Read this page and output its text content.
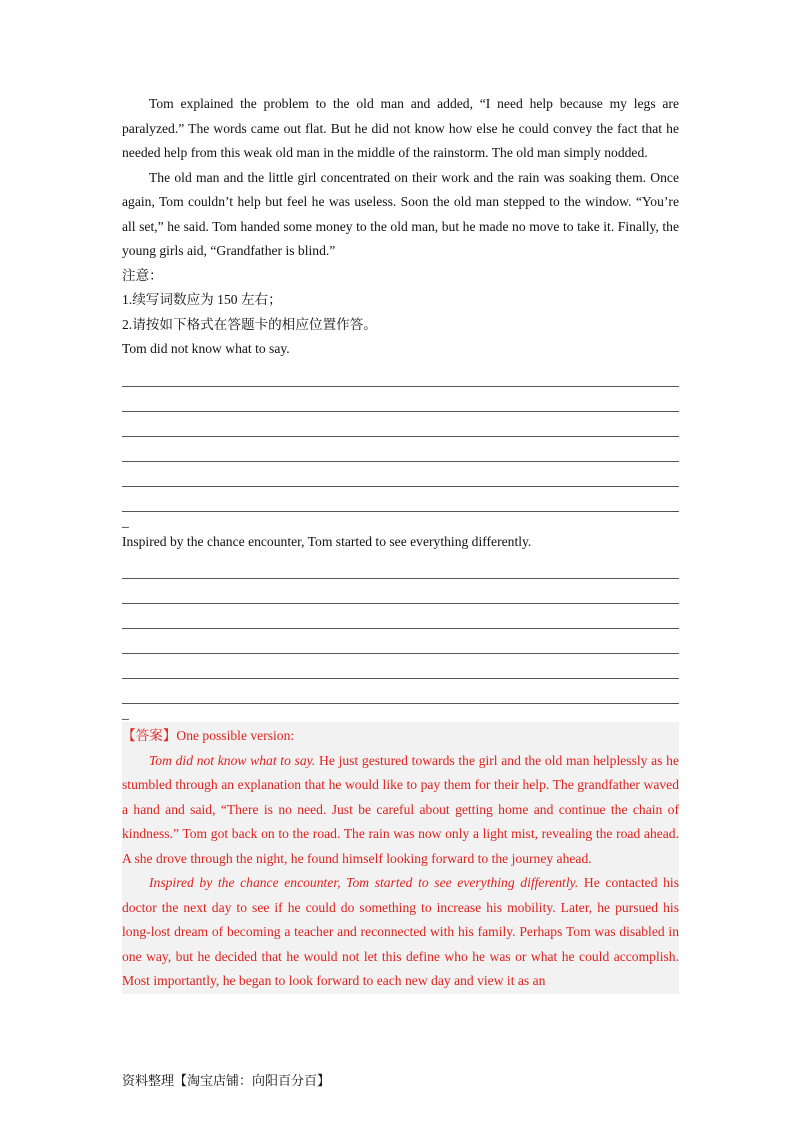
Tom explained the problem to the old man and added, “I need help because my legs are paralyzed.” The words came out flat. But he did not know how else he could convey the fact that he needed help from this weak old man in the middle of the rainstorm. The old man simply nodded.

The old man and the little girl concentrated on their work and the rain was soaking them. Once again, Tom couldn’t help but feel he was useless. Soon the old man stepped to the window. “You’re all set,” he said. Tom handed some money to the old man, but he made no move to take it. Finally, the young girls aid, “Grandfather is blind.”

注意：

1.续写词数应为 150 左右；

2.请按如下格式在答题卡的相应位置作答。

Tom did not know what to say.

_

Inspired by the chance encounter, Tom started to see everything differently.

_

【答案】One possible version:

Tom did not know what to say. He just gestured towards the girl and the old man helplessly as he stumbled through an explanation that he would like to pay them for their help. The grandfather waved a hand and said, “There is no need. Just be careful about getting home and continue the chain of kindness.” Tom got back on to the road. The rain was now only a light mist, revealing the road ahead. A she drove through the night, he found himself looking forward to the journey ahead.

Inspired by the chance encounter, Tom started to see everything differently. He contacted his doctor the next day to see if he could do something to increase his mobility. Later, he pursued his long-lost dream of becoming a teacher and reconnected with his family. Perhaps Tom was disabled in one way, but he decided that he would not let this define who he was or what he could accomplish. Most importantly, he began to look forward to each new day and view it as an

资料整理【淘宝店铺：向阳百分百】
